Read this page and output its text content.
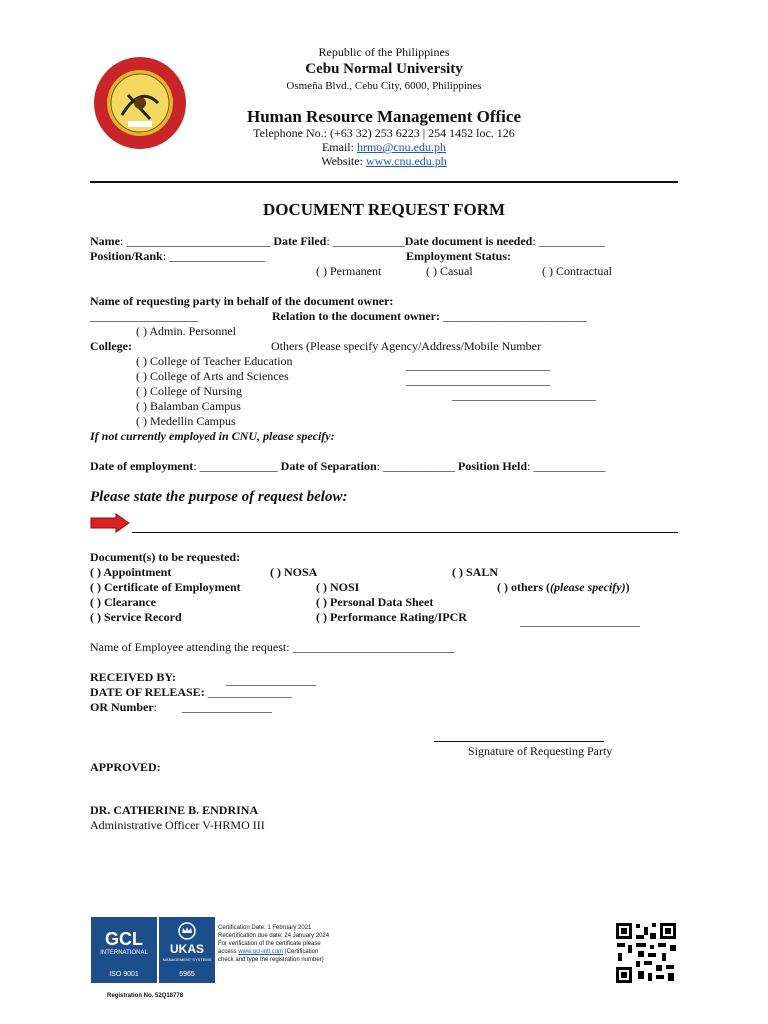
Republic of the Philippines
Cebu Normal University
Osmeña Blvd., Cebu City, 6000, Philippines
Human Resource Management Office
Telephone No.: (+63 32) 253 6223 | 254 1452 loc. 126
Email: hrmo@cnu.edu.ph
Website: www.cnu.edu.ph
DOCUMENT REQUEST FORM
Name: ________________________ Date Filed: ____________Date document is needed: ___________
Position/Rank: ________________	Employment Status:
( ) Permanent	( ) Casual	( ) Contractual
Name of requesting party in behalf of the document owner:
__________________	Relation to the document owner: ________________________
( ) Admin. Personnel
College:	Others (Please specify Agency/Address/Mobile Number
( ) College of Teacher Education
( ) College of Arts and Sciences
( ) College of Nursing
( ) Balamban Campus
( ) Medellin Campus
________________________
________________________
________________________
If not currently employed in CNU, please specify:
Date of employment: _____________ Date of Separation: ____________ Position Held: ____________
Please state the purpose of request below:
Document(s) to be requested:
( ) Appointment	( ) NOSA	( ) SALN
( ) Certificate of Employment	( ) NOSI	( ) others ((please specify))
( ) Clearance	( ) Personal Data Sheet
( ) Service Record	( ) Performance Rating/IPCR	____________________
Name of Employee attending the request: ___________________________
RECEIVED BY:	_______________
DATE OF RELEASE: ______________
OR Number: _______________
Signature of Requesting Party
APPROVED:
DR. CATHERINE B. ENDRINA
Administrative Officer V-HRMO III
GCL
INTERNATIONAL
ISO 9001
UKAS
MANAGEMENT SYSTEMS
5965
Certification Date: 1 February 2021
Recertification due date: 24 January 2024
For verification of the certificate please
access www.gcl-intl.com (Certification
check and type the registration number)
Registration No. 52Q18778
